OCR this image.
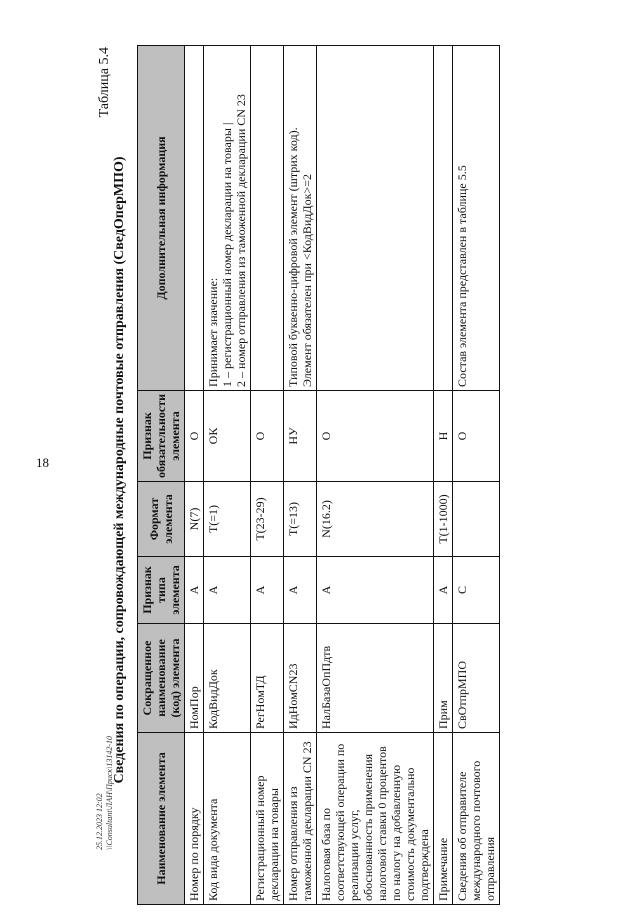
18
25.12.2023 12:02 \\Consultant\ЛАН\Приск\13142-10
Таблица 5.4
Сведения по операции, сопровождающей международные почтовые отправления (СведОперМПО)
Наименование элемента	Сокращенное наименование (код) элемента	Признак типа элемента	Формат элемента	Признак обязательности элемента	Дополнительная информация
Номер по порядку	НомПор	А	N(7)	О	
Код вида документа	КодВидДок	А	T(=1)	ОК	Принимает значение: 1 – регистрационный номер декларации на товары | 2 – номер отправления из таможенной декларации CN 23

Регистрационный номер декларации на товары	РегНомТД	А	T(23-29)	О	
Номер отправления из таможенной декларации CN 23	ИдНомCN23	А	T(=13)	НУ	Типовой буквенно-цифровой элемент (штрих код). Элемент обязателен при <КодВидДок>=2

Налоговая база по соответствующей операции по реализации услуг, обоснованность применения налоговой ставки 0 процентов по налогу на добавленную стоимость документально подтверждена	НалБазаОпПдтв	А	N(16.2)	О	
Примечание	Прим	А	T(1-1000)	Н	
Сведения об отправителе международного почтового отправления	СвОтпрМПО	С		О	Состав элемента представлен в таблице 5.5
